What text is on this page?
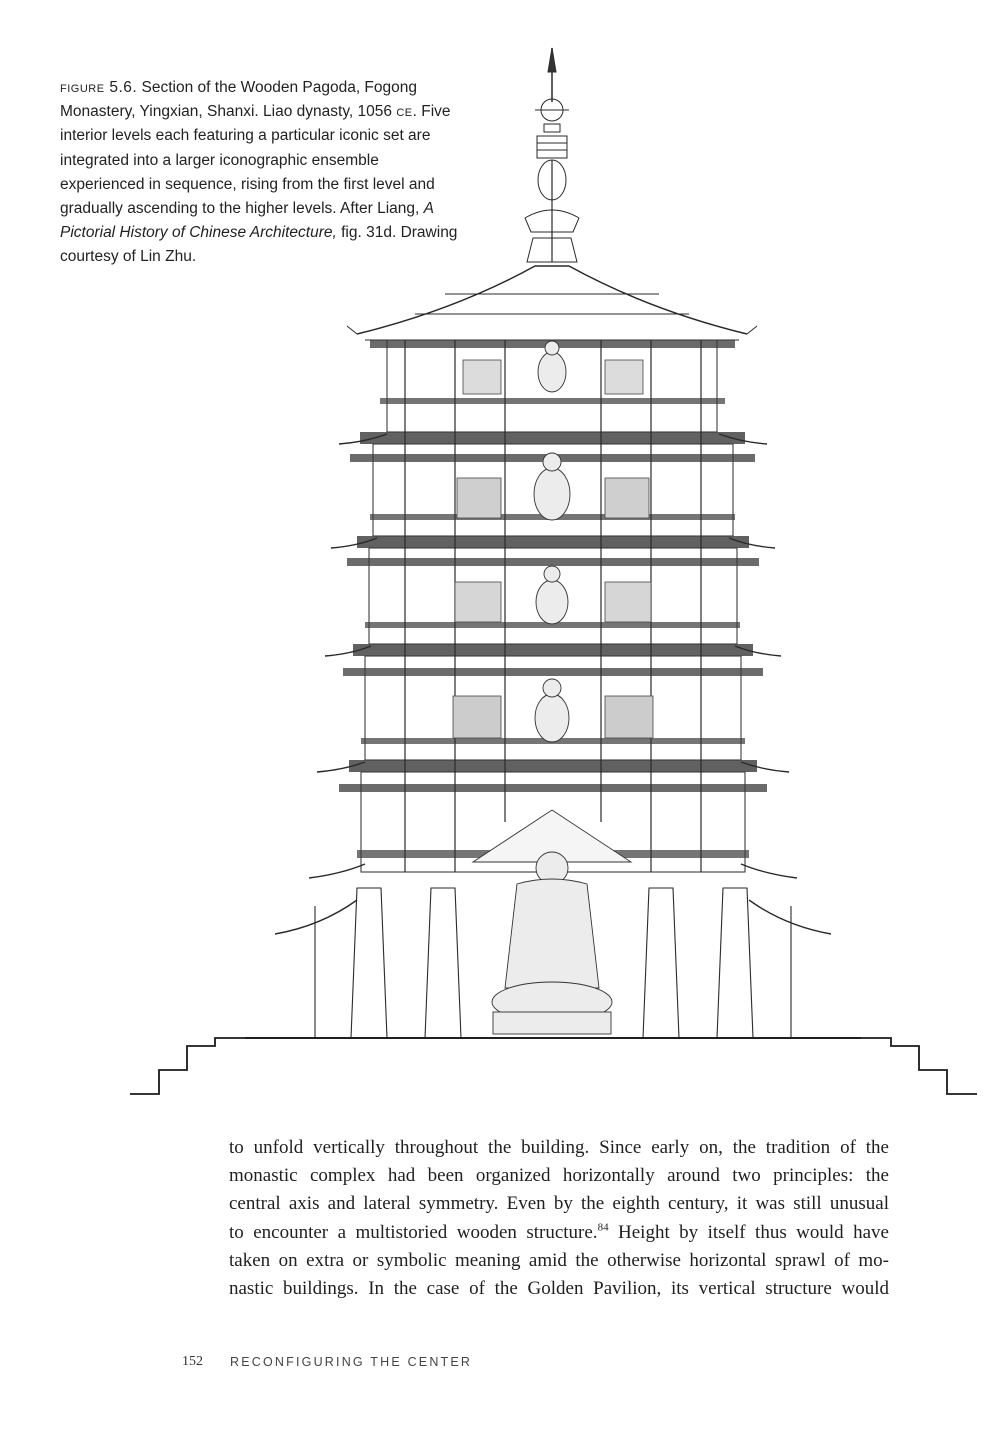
figure 5.6. Section of the Wooden Pagoda, Fogong Monastery, Yingxian, Shanxi. Liao dynasty, 1056 ce. Five interior levels each featuring a particular iconic set are integrated into a larger iconographic ensemble experienced in sequence, rising from the first level and gradually ascending to the higher levels. After Liang, A Pictorial History of Chinese Architecture, fig. 31d. Drawing courtesy of Lin Zhu.
to unfold vertically throughout the building. Since early on, the tradition of the
monastic complex had been organized horizontally around two principles: the
central axis and lateral symmetry. Even by the eighth century, it was still unusual
to encounter a multistoried wooden structure.$^{84}$ Height by itself thus would have
taken on extra or symbolic meaning amid the otherwise horizontal sprawl of mo-
nastic buildings. In the case of the Golden Pavilion, its vertical structure would
152 RECONFIGURING THE CENTER
